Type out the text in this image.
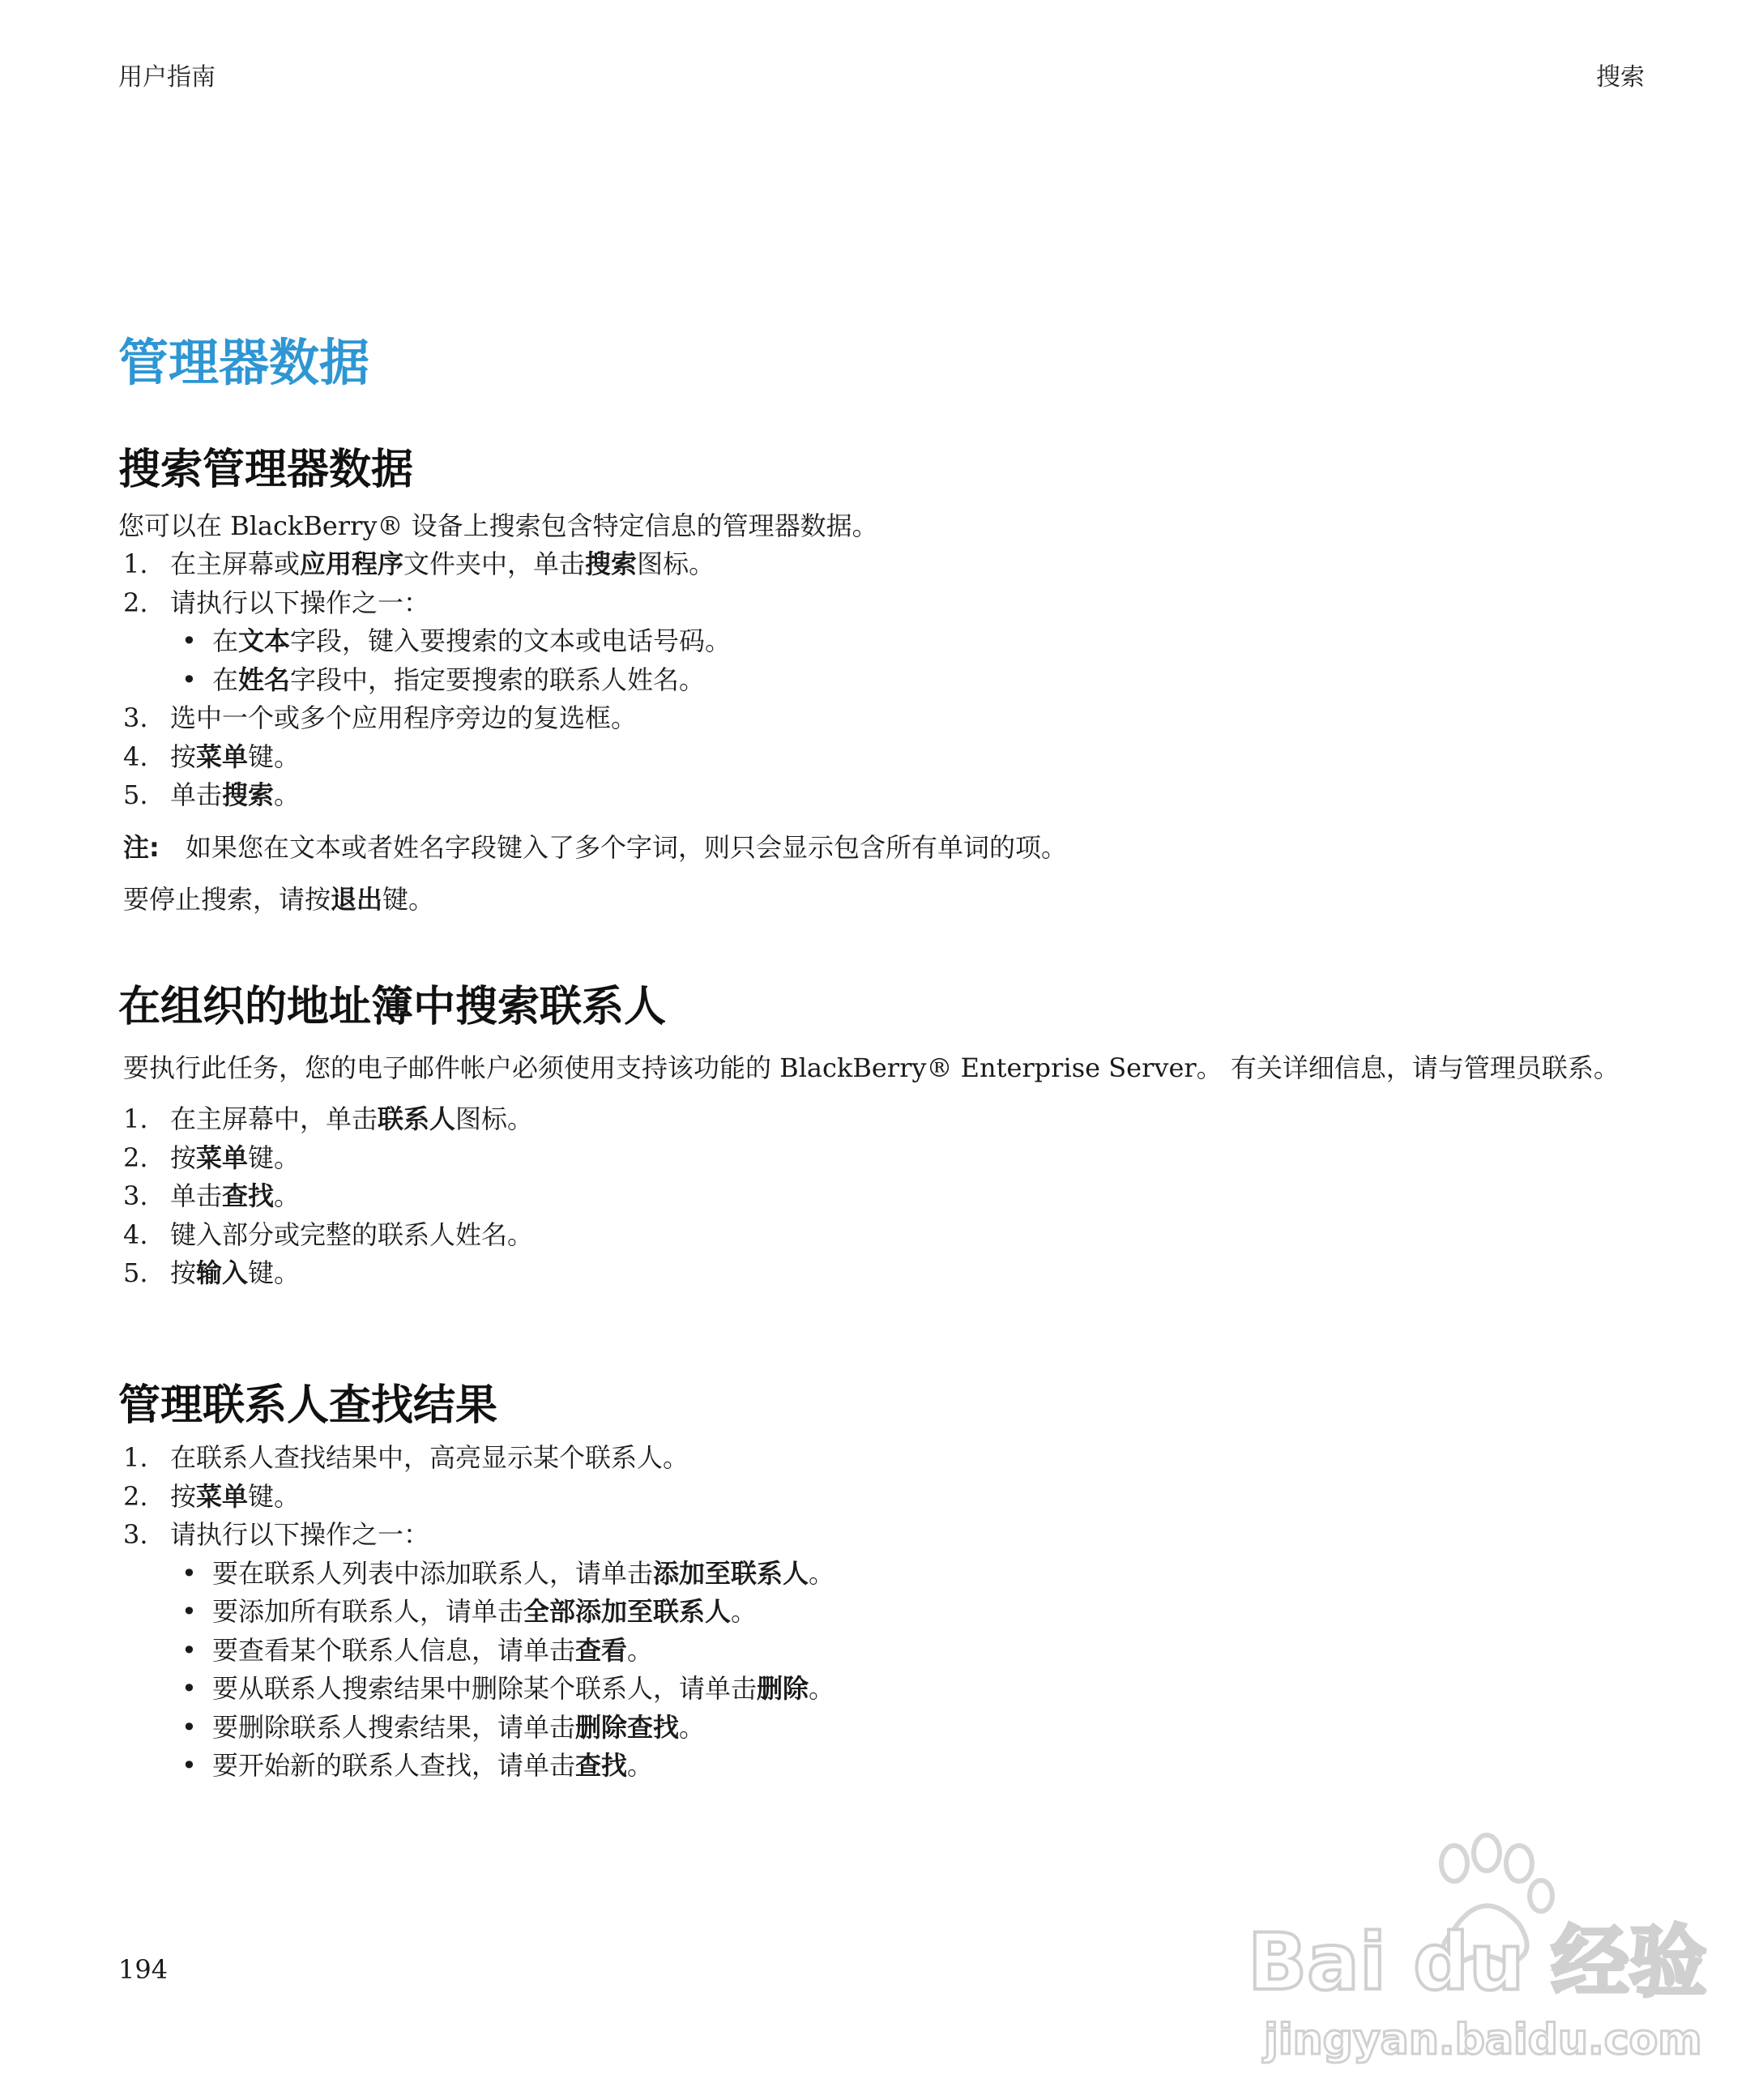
用户指南	搜索
管理器数据
搜索管理器数据

您可以在 BlackBerry® 设备上搜索包含特定信息的管理器数据。

1. 在主屏幕或应用程序文件夹中，单击搜索图标。
2. 请执行以下操作之一：
• 在文本字段，键入要搜索的文本或电话号码。
• 在姓名字段中，指定要搜索的联系人姓名。
3. 选中一个或多个应用程序旁边的复选框。
4. 按菜单键。
5. 单击搜索。
注: 如果您在文本或者姓名字段键入了多个字词，则只会显示包含所有单词的项。

要停止搜索，请按退出键。

在组织的地址簿中搜索联系人

要执行此任务，您的电子邮件帐户必须使用支持该功能的 BlackBerry® Enterprise Server。 有关详细信息，请与管理员联系。

1. 在主屏幕中，单击联系人图标。
2. 按菜单键。
3. 单击查找。
4. 键入部分或完整的联系人姓名。
5. 按输入键。
管理联系人查找结果
1. 在联系人查找结果中，高亮显示某个联系人。
2. 按菜单键。
3. 请执行以下操作之一：
• 要在联系人列表中添加联系人，请单击添加至联系人。
• 要添加所有联系人，请单击全部添加至联系人。
• 要查看某个联系人信息，请单击查看。
• 要从联系人搜索结果中删除某个联系人，请单击删除。
• 要删除联系人搜索结果，请单击删除查找。
• 要开始新的联系人查找，请单击查找。
194	Bai du 经验
jingyan.baidu.com
